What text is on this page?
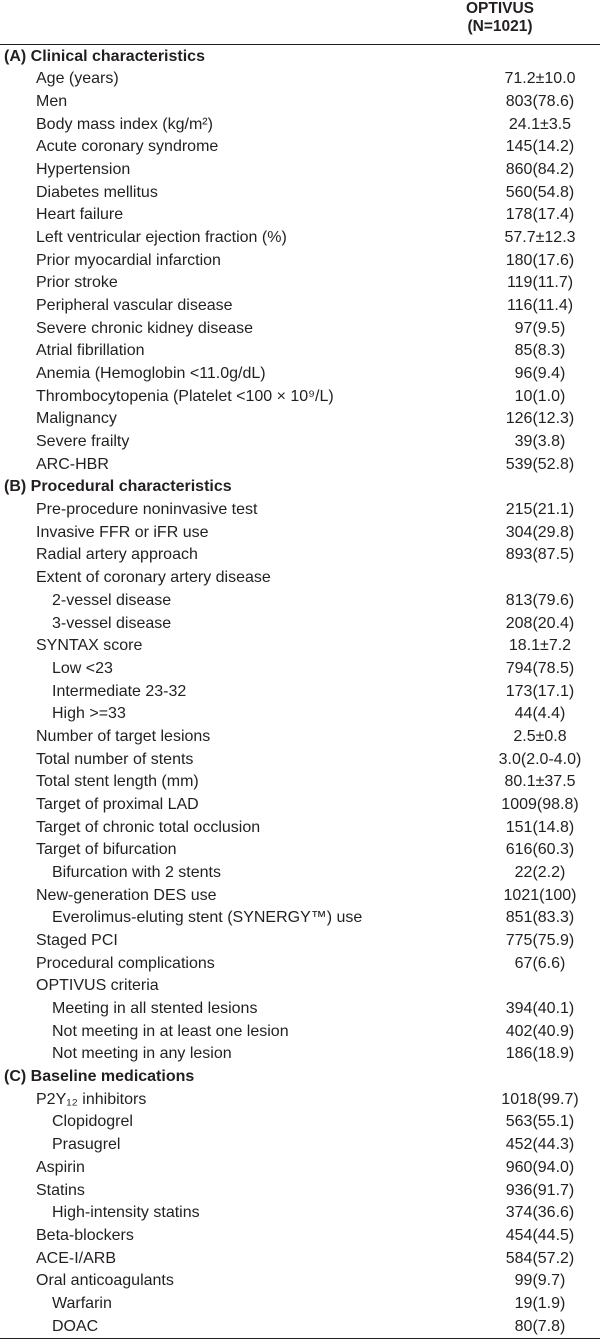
OPTIVUS
(N=1021)
(A) Clinical characteristics
Age (years)	71.2±10.0
Men	803(78.6)
Body mass index (kg/m²)	24.1±3.5
Acute coronary syndrome	145(14.2)
Hypertension	860(84.2)
Diabetes mellitus	560(54.8)
Heart failure	178(17.4)
Left ventricular ejection fraction (%)	57.7±12.3
Prior myocardial infarction	180(17.6)
Prior stroke	119(11.7)
Peripheral vascular disease	116(11.4)
Severe chronic kidney disease	97(9.5)
Atrial fibrillation	85(8.3)
Anemia (Hemoglobin <11.0g/dL)	96(9.4)
Thrombocytopenia (Platelet <100 × 10⁹/L)	10(1.0)
Malignancy	126(12.3)
Severe frailty	39(3.8)
ARC-HBR	539(52.8)
(B) Procedural characteristics
Pre-procedure noninvasive test	215(21.1)
Invasive FFR or iFR use	304(29.8)
Radial artery approach	893(87.5)
Extent of coronary artery disease
2-vessel disease	813(79.6)
3-vessel disease	208(20.4)
SYNTAX score	18.1±7.2
Low <23	794(78.5)
Intermediate 23-32	173(17.1)
High >=33	44(4.4)
Number of target lesions	2.5±0.8
Total number of stents	3.0(2.0-4.0)
Total stent length (mm)	80.1±37.5
Target of proximal LAD	1009(98.8)
Target of chronic total occlusion	151(14.8)
Target of bifurcation	616(60.3)
Bifurcation with 2 stents	22(2.2)
New-generation DES use	1021(100)
Everolimus-eluting stent (SYNERGY™) use	851(83.3)
Staged PCI	775(75.9)
Procedural complications	67(6.6)
OPTIVUS criteria
Meeting in all stented lesions	394(40.1)
Not meeting in at least one lesion	402(40.9)
Not meeting in any lesion	186(18.9)
(C) Baseline medications
P2Y₁₂ inhibitors	1018(99.7)
Clopidogrel	563(55.1)
Prasugrel	452(44.3)
Aspirin	960(94.0)
Statins	936(91.7)
High-intensity statins	374(36.6)
Beta-blockers	454(44.5)
ACE-I/ARB	584(57.2)
Oral anticoagulants	99(9.7)
Warfarin	19(1.9)
DOAC	80(7.8)
